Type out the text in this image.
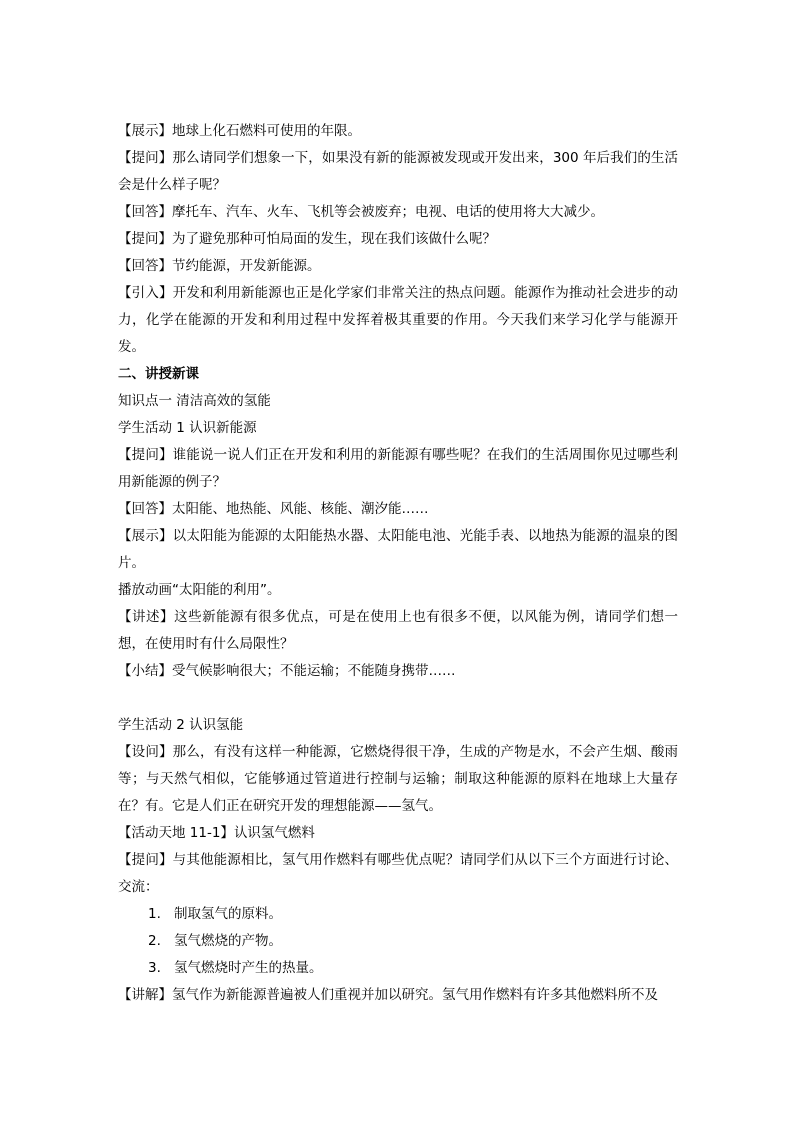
【展示】地球上化石燃料可使用的年限。

【提问】那么请同学们想象一下，如果没有新的能源被发现或开发出来，300 年后我们的生活会是什么样子呢？

【回答】摩托车、汽车、火车、飞机等会被废弃；电视、电话的使用将大大减少。

【提问】为了避免那种可怕局面的发生，现在我们该做什么呢？

【回答】节约能源，开发新能源。

【引入】开发和利用新能源也正是化学家们非常关注的热点问题。能源作为推动社会进步的动力，化学在能源的开发和利用过程中发挥着极其重要的作用。今天我们来学习化学与能源开发。

二、讲授新课

知识点一 清洁高效的氢能

学生活动 1 认识新能源

【提问】谁能说一说人们正在开发和利用的新能源有哪些呢？在我们的生活周围你见过哪些利用新能源的例子？

【回答】太阳能、地热能、风能、核能、潮汐能……

【展示】以太阳能为能源的太阳能热水器、太阳能电池、光能手表、以地热为能源的温泉的图片。

播放动画“太阳能的利用”。

【讲述】这些新能源有很多优点，可是在使用上也有很多不便，以风能为例，请同学们想一想，在使用时有什么局限性？

【小结】受气候影响很大；不能运输；不能随身携带……

学生活动 2 认识氢能

【设问】那么，有没有这样一种能源，它燃烧得很干净，生成的产物是水，不会产生烟、酸雨等；与天然气相似，它能够通过管道进行控制与运输；制取这种能源的原料在地球上大量存在？有。它是人们正在研究开发的理想能源——氢气。

【活动天地 11-1】认识氢气燃料

【提问】与其他能源相比，氢气用作燃料有哪些优点呢？请同学们从以下三个方面进行讨论、交流：

1. 制取氢气的原料。

2. 氢气燃烧的产物。

3. 氢气燃烧时产生的热量。

【讲解】氢气作为新能源普遍被人们重视并加以研究。氢气用作燃料有许多其他燃料所不及
